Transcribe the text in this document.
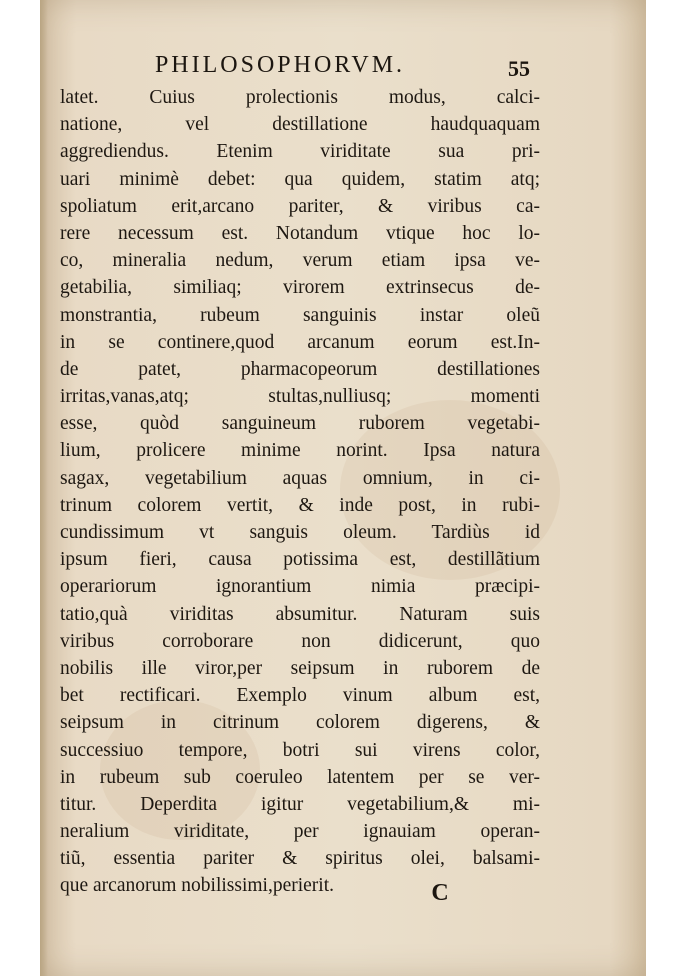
PHILOSOPHORVM.	55
latet. Cuius prolectionis modus, calci-
natione, vel destillatione haudquaquam
aggrediendus. Etenim viriditate sua pri-
uari minimè debet: qua quidem, statim atq;
spoliatum erit,arcano pariter, & viribus ca-
rere necessum est. Notandum vtique hoc lo-
co, mineralia nedum, verum etiam ipsa ve-
getabilia, similiaq; virorem extrinsecus de-
monstrantia, rubeum sanguinis instar oleũ
in se continere,quod arcanum eorum est.In-
de patet, pharmacopeorum destillationes
irritas,vanas,atq; stultas,nulliusq; momenti
esse, quòd sanguineum ruborem vegetabi-
lium, prolicere minime norint. Ipsa natura
sagax, vegetabilium aquas omnium, in ci-
trinum colorem vertit, & inde post, in rubi-
cundissimum vt sanguis oleum. Tardiùs id
ipsum fieri, causa potissima est, destillãtium
operariorum ignorantium nimia præcipi-
tatio,quà viriditas absumitur. Naturam suis
viribus corroborare non didicerunt, quo
nobilis ille viror,per seipsum in ruborem de
bet rectificari. Exemplo vinum album est,
seipsum in citrinum colorem digerens, &
successiuo tempore, botri sui virens color,
in rubeum sub coeruleo latentem per se ver-
titur. Deperdita igitur vegetabilium,& mi-
neralium viriditate, per ignauiam operan-
tiũ, essentia pariter & spiritus olei, balsami-
que arcanorum nobilissimi,perierit.	C
